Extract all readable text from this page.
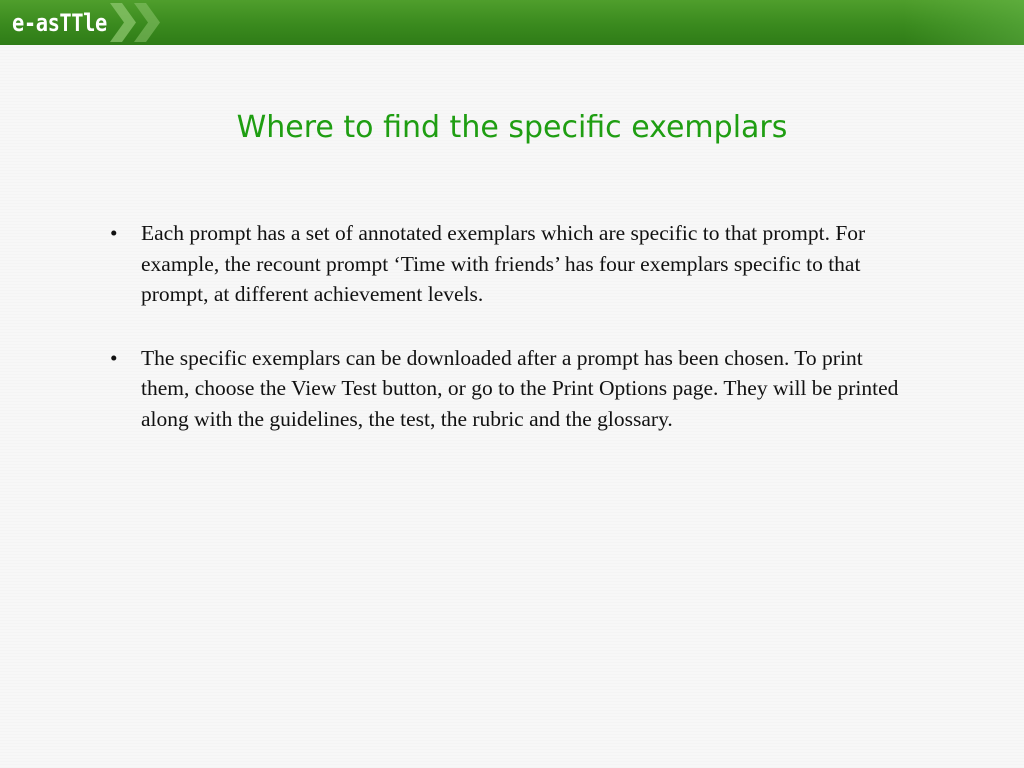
e-asTTle
Where to find the specific exemplars
• Each prompt has a set of annotated exemplars which are specific to that prompt. For example, the recount prompt ‘Time with friends’ has four exemplars specific to that prompt, at different achievement levels.
• The specific exemplars can be downloaded after a prompt has been chosen. To print them, choose the View Test button, or go to the Print Options page. They will be printed along with the guidelines, the test, the rubric and the glossary.
